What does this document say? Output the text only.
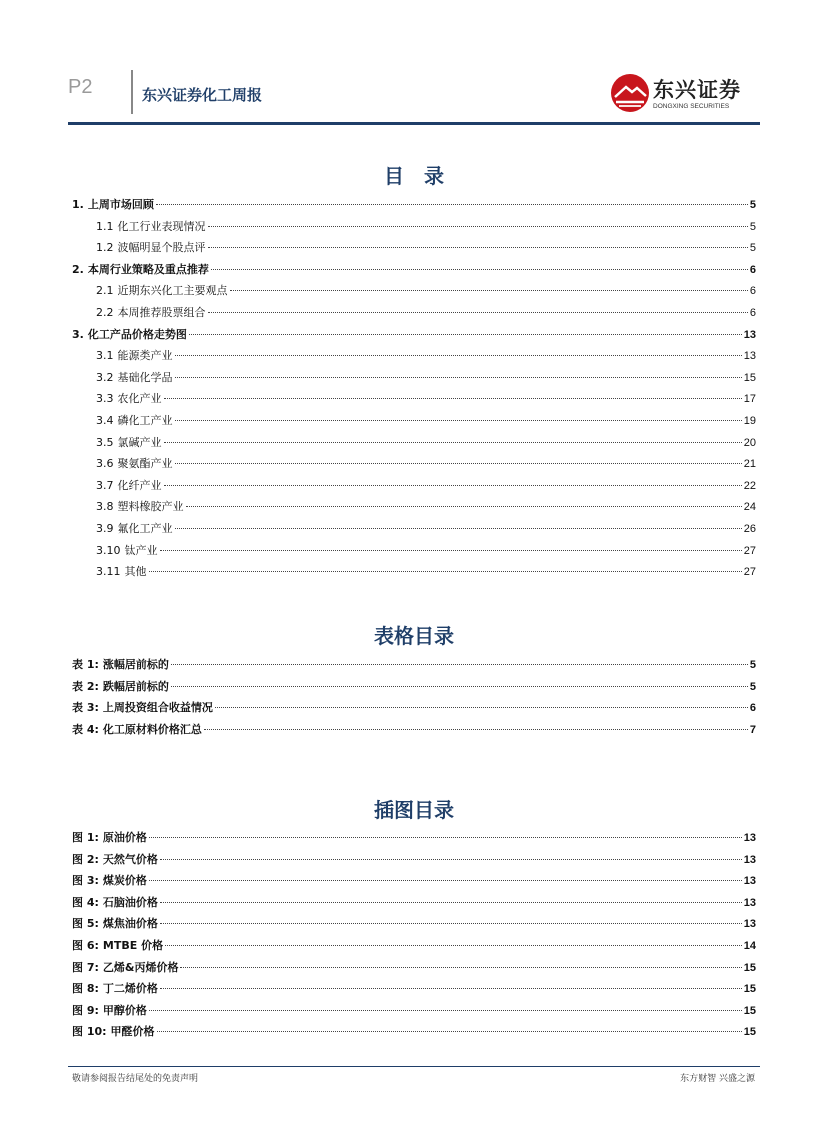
P2	东兴证券化工周报	东兴证券
DONGXING SECURITIES
目　录
1. 上周市场回顾	5
1.1 化工行业表现情况	5
1.2 波幅明显个股点评	5
2. 本周行业策略及重点推荐	6
2.1 近期东兴化工主要观点	6
2.2 本周推荐股票组合	6
3. 化工产品价格走势图	13
3.1 能源类产业	13
3.2 基础化学品	15
3.3 农化产业	17
3.4 磷化工产业	19
3.5 氯碱产业	20
3.6 聚氨酯产业	21
3.7 化纤产业	22
3.8 塑料橡胶产业	24
3.9 氟化工产业	26
3.10 钛产业	27
3.11 其他	27
表格目录
表 1: 涨幅居前标的	5
表 2: 跌幅居前标的	5
表 3: 上周投资组合收益情况	6
表 4: 化工原材料价格汇总	7
插图目录
图 1: 原油价格	13
图 2: 天然气价格	13
图 3: 煤炭价格	13
图 4: 石脑油价格	13
图 5: 煤焦油价格	13
图 6: MTBE 价格	14
图 7: 乙烯&丙烯价格	15
图 8: 丁二烯价格	15
图 9: 甲醇价格	15
图 10: 甲醛价格	15
敬请参阅报告结尾处的免责声明	东方财智 兴盛之源
